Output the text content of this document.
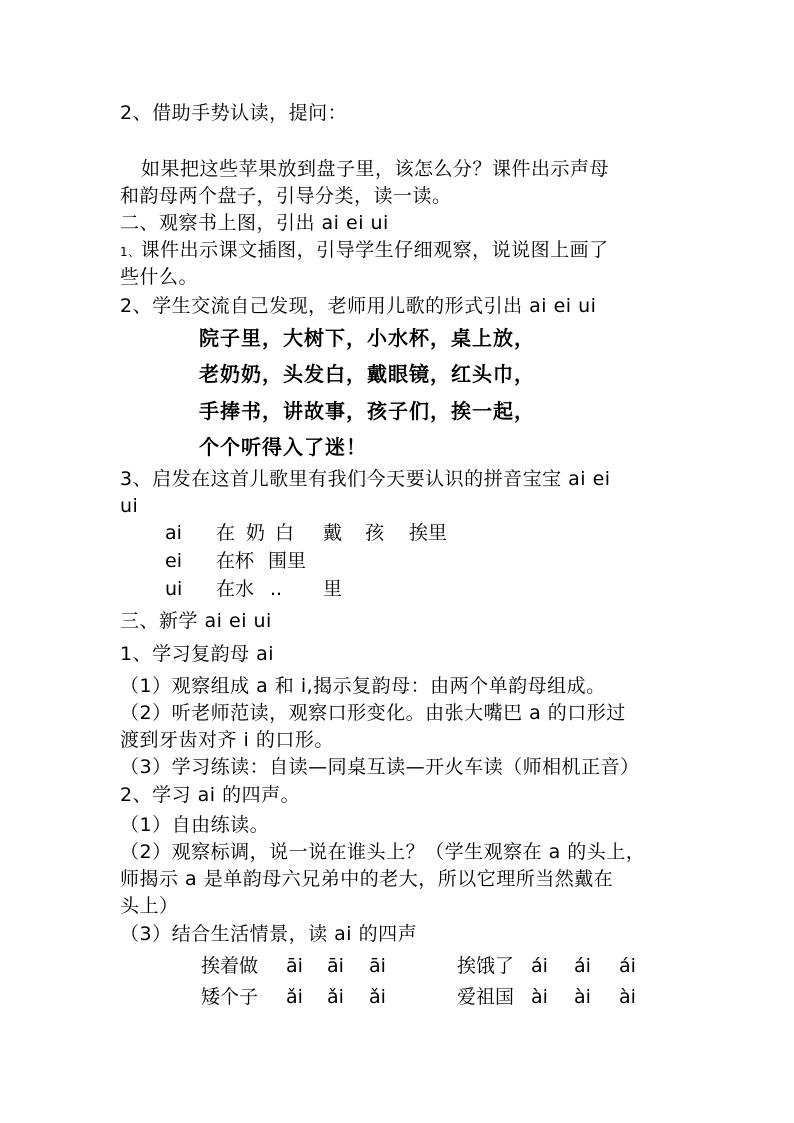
2、借助手势认读，提问：
如果把这些苹果放到盘子里，该怎么分？课件出示声母
和韵母两个盘子，引导分类，读一读。
二、观察书上图，引出 ai ei ui
1、课件出示课文插图，引导学生仔细观察，说说图上画了
些什么。
2、学生交流自己发现，老师用儿歌的形式引出 ai ei ui
院子里，大树下，小水杯，桌上放，
老奶奶，头发白，戴眼镜，红头巾，
手捧书，讲故事，孩子们，挨一起，
个个听得入了迷！
3、启发在这首儿歌里有我们今天要认识的拼音宝宝 ai ei
ui
ai 在 奶 白 戴 孩 挨里
ei 在杯 围里
ui 在水 .. 里
三、新学 ai ei ui
1、学习复韵母 ai
（1）观察组成 a 和 i,揭示复韵母：由两个单韵母组成。
（2）听老师范读，观察口形变化。由张大嘴巴 a 的口形过
渡到牙齿对齐 i 的口形。
（3）学习练读：自读—同桌互读—开火车读（师相机正音）
2、学习 ai 的四声。
（1）自由练读。
（2）观察标调，说一说在谁头上？（学生观察在 a 的头上，
师揭示 a 是单韵母六兄弟中的老大，所以它理所当然戴在
头上）
（3）结合生活情景，读 ai 的四声
挨着做 āi āi āi	挨饿了 ái ái ái
矮个子 ǎi ǎi ǎi	爱祖国 ài ài ài
